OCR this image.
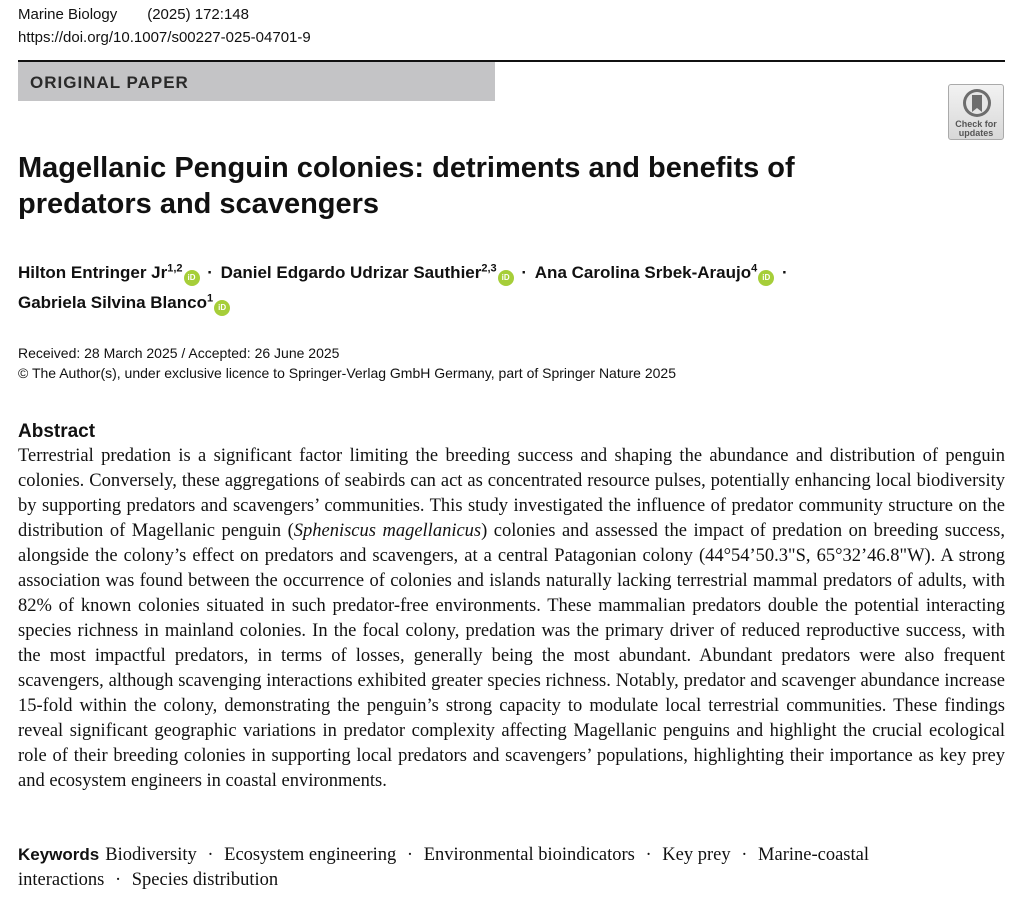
Marine Biology (2025) 172:148
https://doi.org/10.1007/s00227-025-04701-9
ORIGINAL PAPER
Check for
updates
Magellanic Penguin colonies: detriments and benefits of predators and scavengers
Hilton Entringer Jr$^{1,2}$iD · Daniel Edgardo Udrizar Sauthier$^{2,3}$iD · Ana Carolina Srbek-Araujo$^4$iD ·
Gabriela Silvina Blanco$^1$iD
Received: 28 March 2025 / Accepted: 26 June 2025
© The Author(s), under exclusive licence to Springer-Verlag GmbH Germany, part of Springer Nature 2025
Abstract

Terrestrial predation is a significant factor limiting the breeding success and shaping the abundance and distribution of penguin colonies. Conversely, these aggregations of seabirds can act as concentrated resource pulses, potentially enhancing local biodiversity by supporting predators and scavengers’ communities. This study investigated the influence of predator community structure on the distribution of Magellanic penguin (Spheniscus magellanicus) colonies and assessed the impact of predation on breeding success, alongside the colony’s effect on predators and scavengers, at a central Patagonian colony (44°54’50.3"S, 65°32’46.8"W). A strong association was found between the occurrence of colonies and islands naturally lacking terrestrial mammal predators of adults, with 82% of known colonies situated in such predator-free environments. These mammalian predators double the potential interacting species richness in mainland colonies. In the focal colony, predation was the primary driver of reduced reproductive success, with the most impactful predators, in terms of losses, generally being the most abundant. Abundant predators were also frequent scavengers, although scavenging interactions exhibited greater species richness. Notably, predator and scavenger abundance increase 15-fold within the colony, demonstrating the penguin’s strong capacity to modulate local terrestrial communities. These findings reveal significant geographic variations in predator complexity affecting Magellanic penguins and highlight the crucial ecological role of their breeding colonies in supporting local predators and scavengers’ populations, highlighting their importance as key prey and ecosystem engineers in coastal environments.

Keywords Biodiversity · Ecosystem engineering · Environmental bioindicators · Key prey · Marine-coastal interactions · Species distribution
